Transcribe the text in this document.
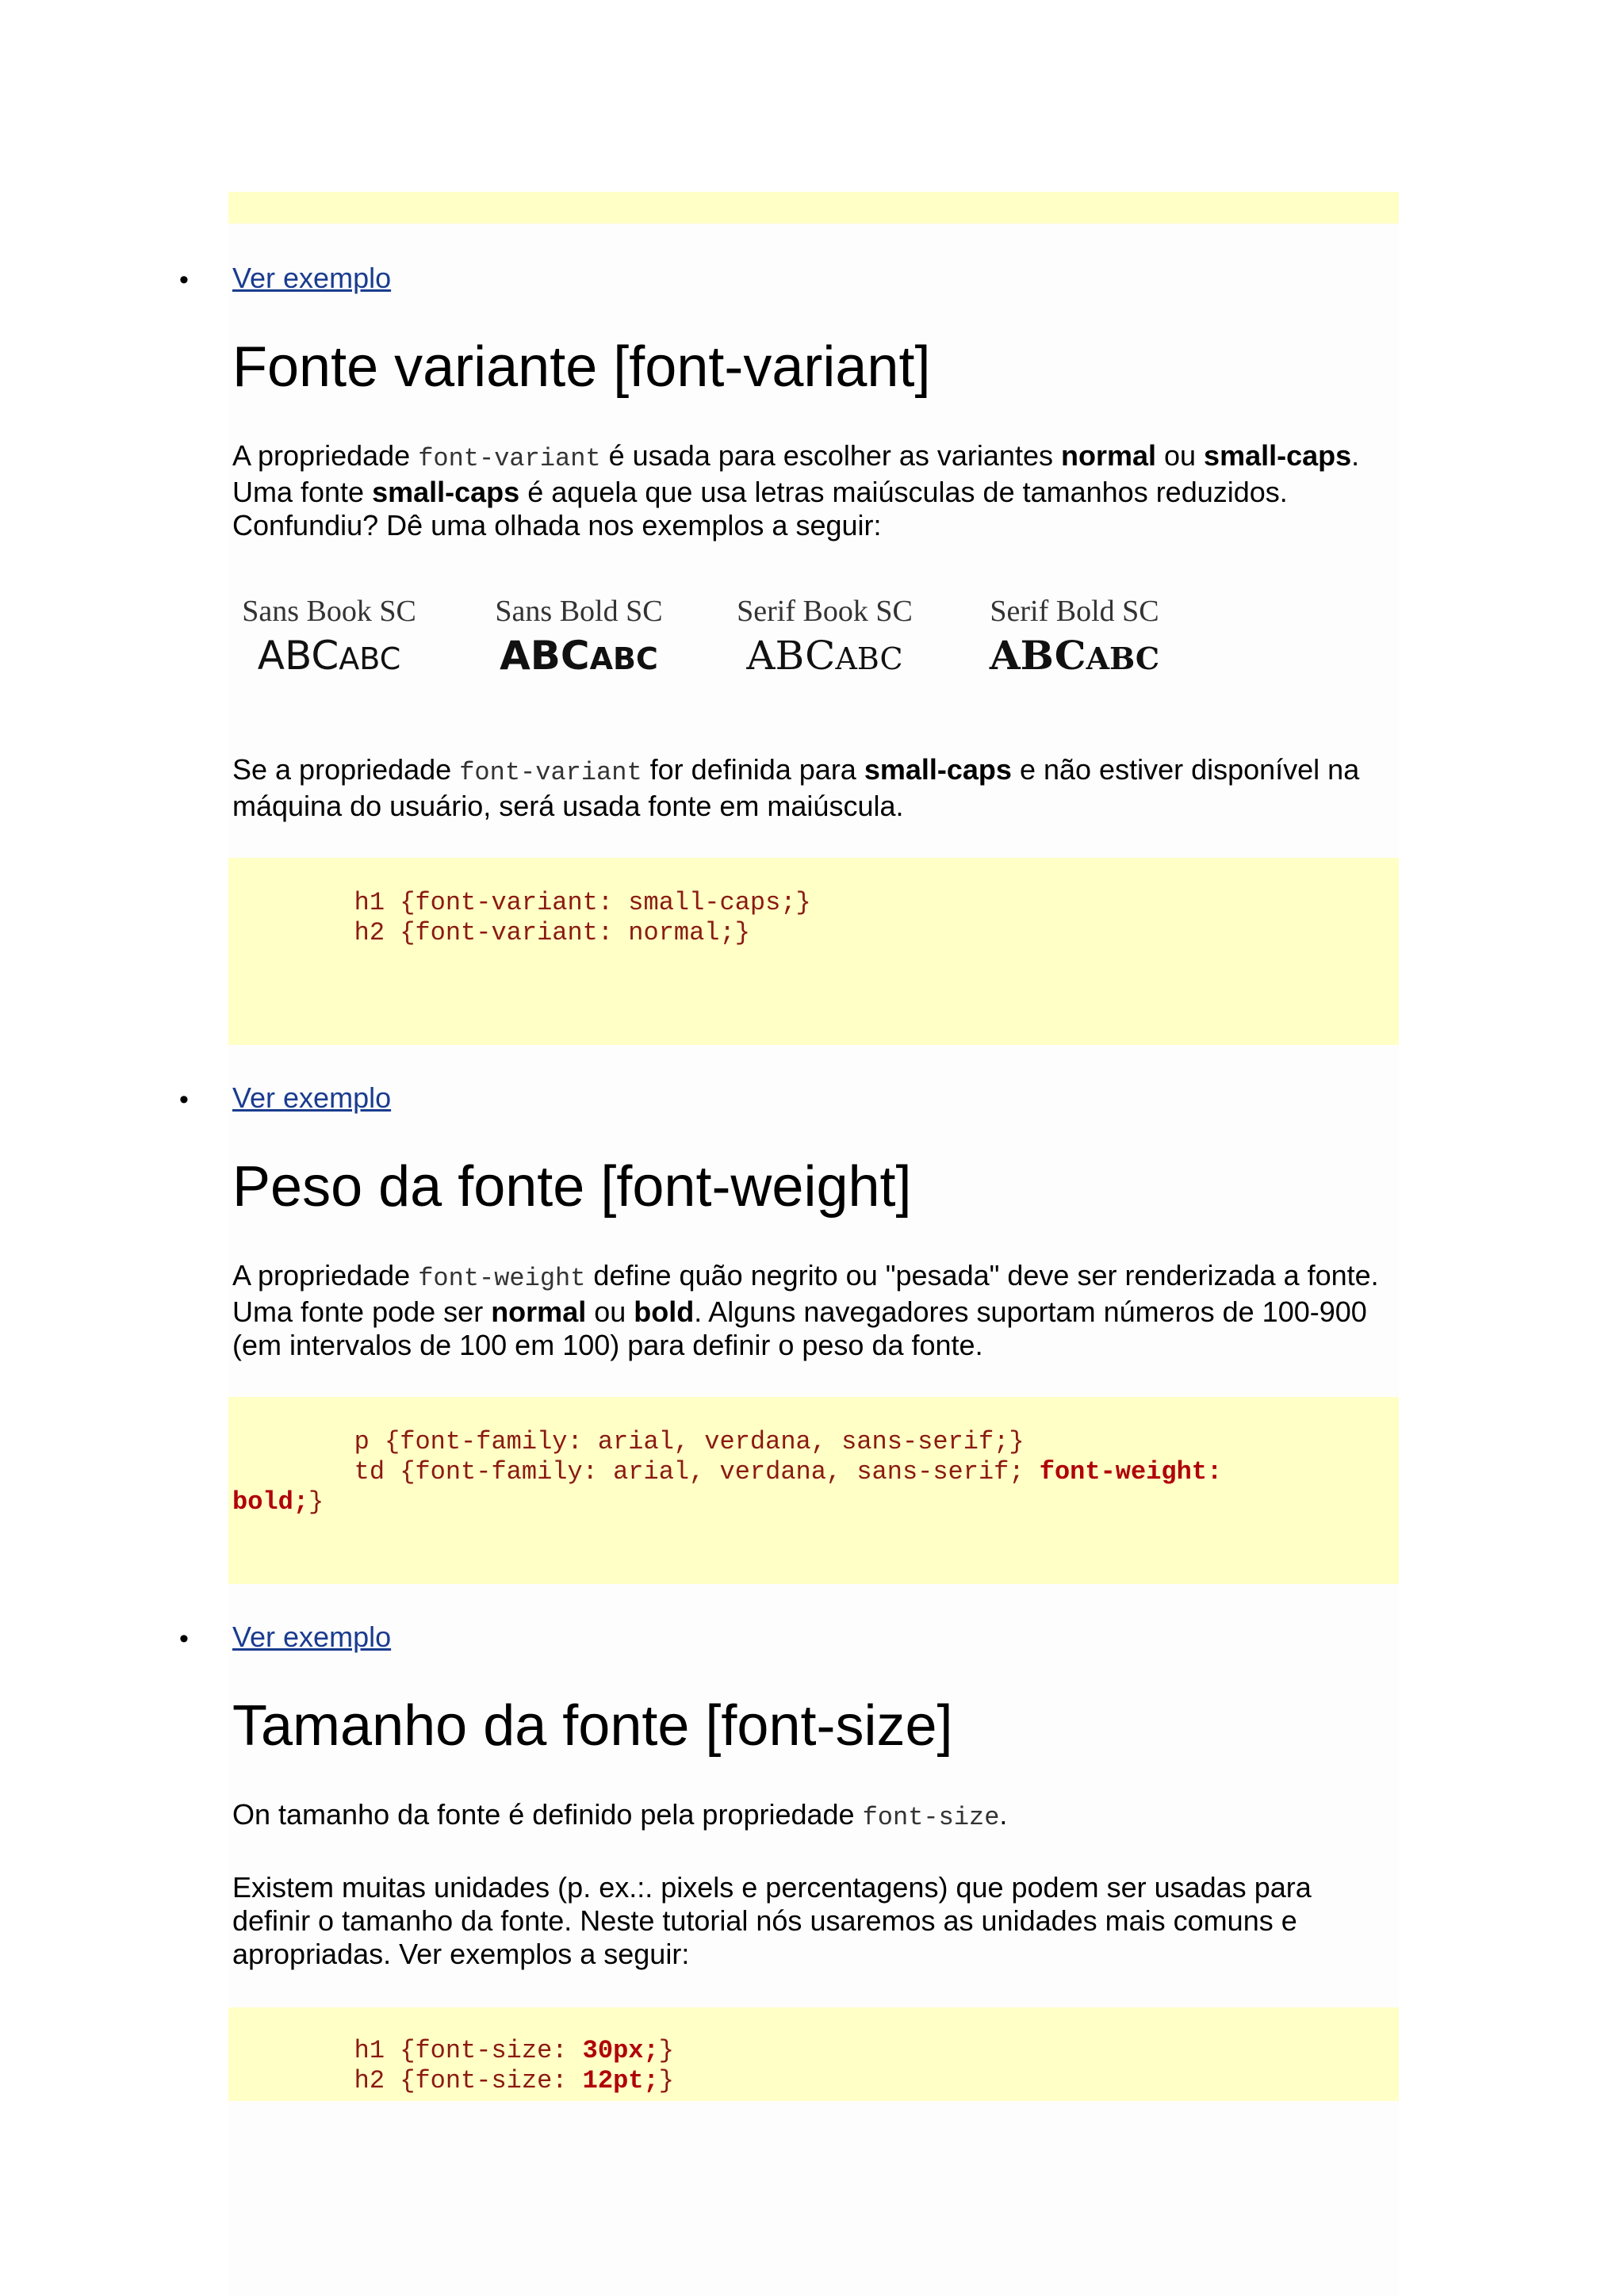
• Ver exemplo
Fonte variante [font-variant]

A propriedade font-variant é usada para escolher as variantes normal ou small-caps. Uma fonte small-caps é aquela que usa letras maiúsculas de tamanhos reduzidos. Confundiu? Dê uma olhada nos exemplos a seguir:

Sans Book SC
ABCABC
Sans Bold SC
ABCABC
Serif Book SC
ABCABC
Serif Bold SC
ABCABC

Se a propriedade font-variant for definida para small-caps e não estiver disponível na máquina do usuário, será usada fonte em maiúscula.

h1 {font-variant: small-caps;}
h2 {font-variant: normal;}
• Ver exemplo
Peso da fonte [font-weight]

A propriedade font-weight define quão negrito ou "pesada" deve ser renderizada a fonte. Uma fonte pode ser normal ou bold. Alguns navegadores suportam números de 100-900 (em intervalos de 100 em 100) para definir o peso da fonte.

p {font-family: arial, verdana, sans-serif;}
td {font-family: arial, verdana, sans-serif; font-weight: bold;}
• Ver exemplo
Tamanho da fonte [font-size]

On tamanho da fonte é definido pela propriedade font-size.

Existem muitas unidades (p. ex.:. pixels e percentagens) que podem ser usadas para definir o tamanho da fonte. Neste tutorial nós usaremos as unidades mais comuns e apropriadas. Ver exemplos a seguir:

h1 {font-size: 30px;}
h2 {font-size: 12pt;}
